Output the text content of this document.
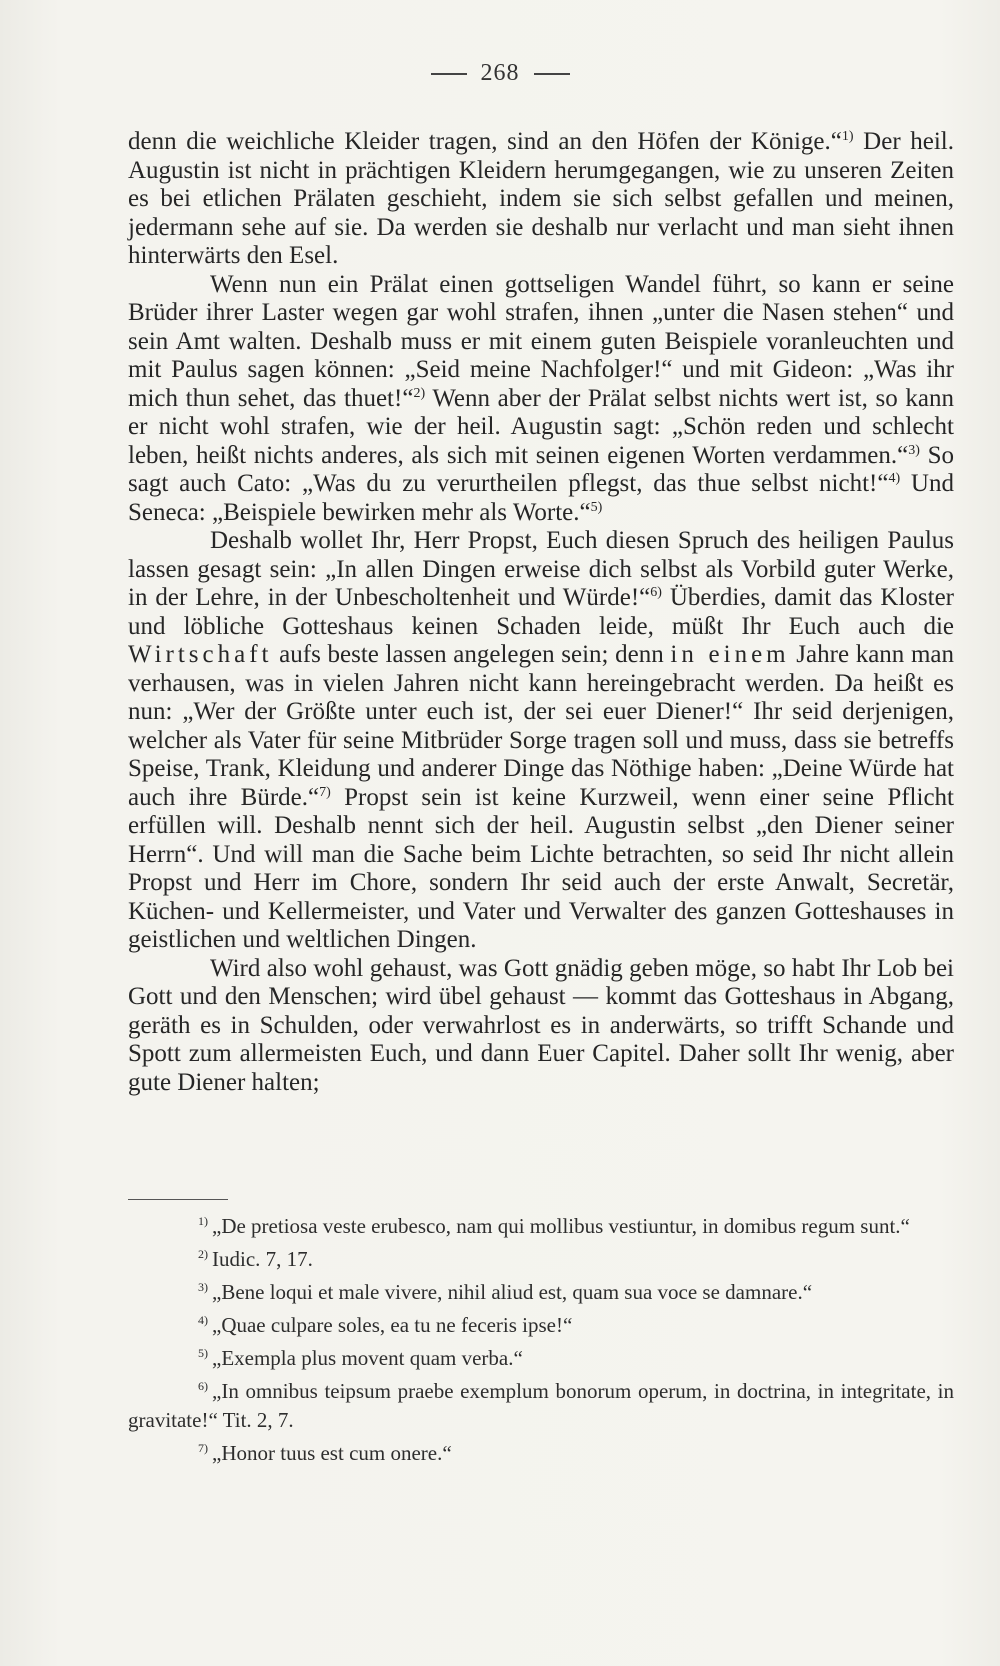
268

denn die weichliche Kleider tragen, sind an den Höfen der Könige.“$^{1)}$ Der heil. Augustin ist nicht in prächtigen Kleidern herumgegangen, wie zu unseren Zeiten es bei etlichen Prälaten geschieht, indem sie sich selbst gefallen und meinen, jedermann sehe auf sie. Da werden sie deshalb nur verlacht und man sieht ihnen hinterwärts den Esel.

Wenn nun ein Prälat einen gottseligen Wandel führt, so kann er seine Brüder ihrer Laster wegen gar wohl strafen, ihnen „unter die Nasen stehen“ und sein Amt walten. Deshalb muss er mit einem guten Beispiele voranleuchten und mit Paulus sagen können: „Seid meine Nachfolger!“ und mit Gideon: „Was ihr mich thun sehet, das thuet!“$^{2)}$ Wenn aber der Prälat selbst nichts wert ist, so kann er nicht wohl strafen, wie der heil. Augustin sagt: „Schön reden und schlecht leben, heißt nichts anderes, als sich mit seinen eigenen Worten verdammen.“$^{3)}$ So sagt auch Cato: „Was du zu verurtheilen pflegst, das thue selbst nicht!“$^{4)}$ Und Seneca: „Beispiele bewirken mehr als Worte.“$^{5)}$

Deshalb wollet Ihr, Herr Propst, Euch diesen Spruch des heiligen Paulus lassen gesagt sein: „In allen Dingen erweise dich selbst als Vorbild guter Werke, in der Lehre, in der Unbescholtenheit und Würde!“$^{6)}$ Überdies, damit das Kloster und löbliche Gotteshaus keinen Schaden leide, müßt Ihr Euch auch die Wirtschaft aufs beste lassen angelegen sein; denn in einem Jahre kann man verhausen, was in vielen Jahren nicht kann hereingebracht werden. Da heißt es nun: „Wer der Größte unter euch ist, der sei euer Diener!“ Ihr seid derjenigen, welcher als Vater für seine Mitbrüder Sorge tragen soll und muss, dass sie betreffs Speise, Trank, Kleidung und anderer Dinge das Nöthige haben: „Deine Würde hat auch ihre Bürde.“$^{7)}$ Propst sein ist keine Kurzweil, wenn einer seine Pflicht erfüllen will. Deshalb nennt sich der heil. Augustin selbst „den Diener seiner Herrn“. Und will man die Sache beim Lichte betrachten, so seid Ihr nicht allein Propst und Herr im Chore, sondern Ihr seid auch der erste Anwalt, Secretär, Küchen- und Kellermeister, und Vater und Verwalter des ganzen Gotteshauses in geistlichen und weltlichen Dingen.

Wird also wohl gehaust, was Gott gnädig geben möge, so habt Ihr Lob bei Gott und den Menschen; wird übel gehaust — kommt das Gotteshaus in Abgang, geräth es in Schulden, oder verwahrlost es in anderwärts, so trifft Schande und Spott zum allermeisten Euch, und dann Euer Capitel. Daher sollt Ihr wenig, aber gute Diener halten;

$^{1)}$ „De pretiosa veste erubesco, nam qui mollibus vestiuntur, in domibus regum sunt.“

$^{2)}$ Iudic. 7, 17.

$^{3)}$ „Bene loqui et male vivere, nihil aliud est, quam sua voce se damnare.“

$^{4)}$ „Quae culpare soles, ea tu ne feceris ipse!“

$^{5)}$ „Exempla plus movent quam verba.“

$^{6)}$ „In omnibus teipsum praebe exemplum bonorum operum, in doctrina, in integritate, in gravitate!“ Tit. 2, 7.

$^{7)}$ „Honor tuus est cum onere.“
